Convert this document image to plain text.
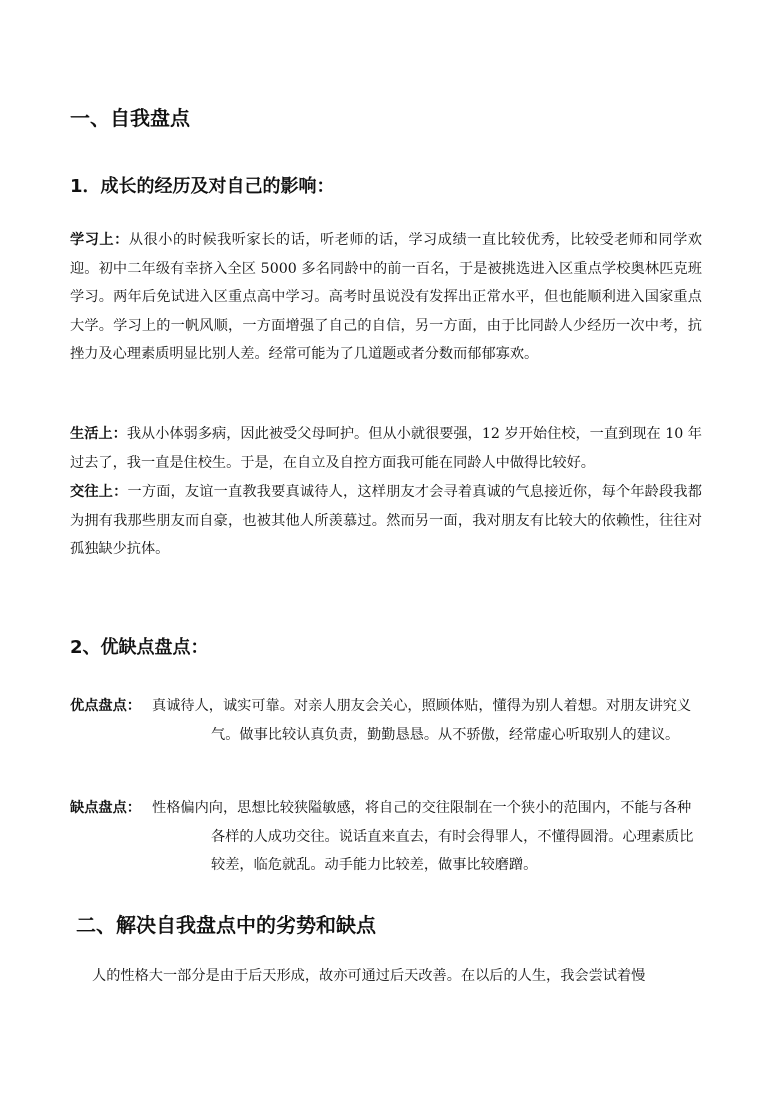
一、自我盘点
1．成长的经历及对自己的影响：

学习上：从很小的时候我听家长的话，听老师的话，学习成绩一直比较优秀，比较受老师和同学欢迎。初中二年级有幸挤入全区 5000 多名同龄中的前一百名，于是被挑选进入区重点学校奥林匹克班学习。两年后免试进入区重点高中学习。高考时虽说没有发挥出正常水平，但也能顺利进入国家重点大学。学习上的一帆风顺，一方面增强了自己的自信，另一方面，由于比同龄人少经历一次中考，抗挫力及心理素质明显比别人差。经常可能为了几道题或者分数而郁郁寡欢。

生活上：我从小体弱多病，因此被受父母呵护。但从小就很要强，12 岁开始住校，一直到现在 10 年过去了，我一直是住校生。于是，在自立及自控方面我可能在同龄人中做得比较好。

交往上：一方面，友谊一直教我要真诚待人，这样朋友才会寻着真诚的气息接近你，每个年龄段我都为拥有我那些朋友而自豪，也被其他人所羡慕过。然而另一面，我对朋友有比较大的依赖性，往往对孤独缺少抗体。

2、优缺点盘点：

优点盘点： 真诚待人，诚实可靠。对亲人朋友会关心，照顾体贴，懂得为别人着想。对朋友讲究义气。做事比较认真负责，勤勤恳恳。从不骄傲，经常虚心听取别人的建议。

缺点盘点： 性格偏内向，思想比较狭隘敏感，将自己的交往限制在一个狭小的范围内，不能与各种各样的人成功交往。说话直来直去，有时会得罪人，不懂得圆滑。心理素质比较差，临危就乱。动手能力比较差，做事比较磨蹭。

二、解决自我盘点中的劣势和缺点

人的性格大一部分是由于后天形成，故亦可通过后天改善。在以后的人生，我会尝试着慢
